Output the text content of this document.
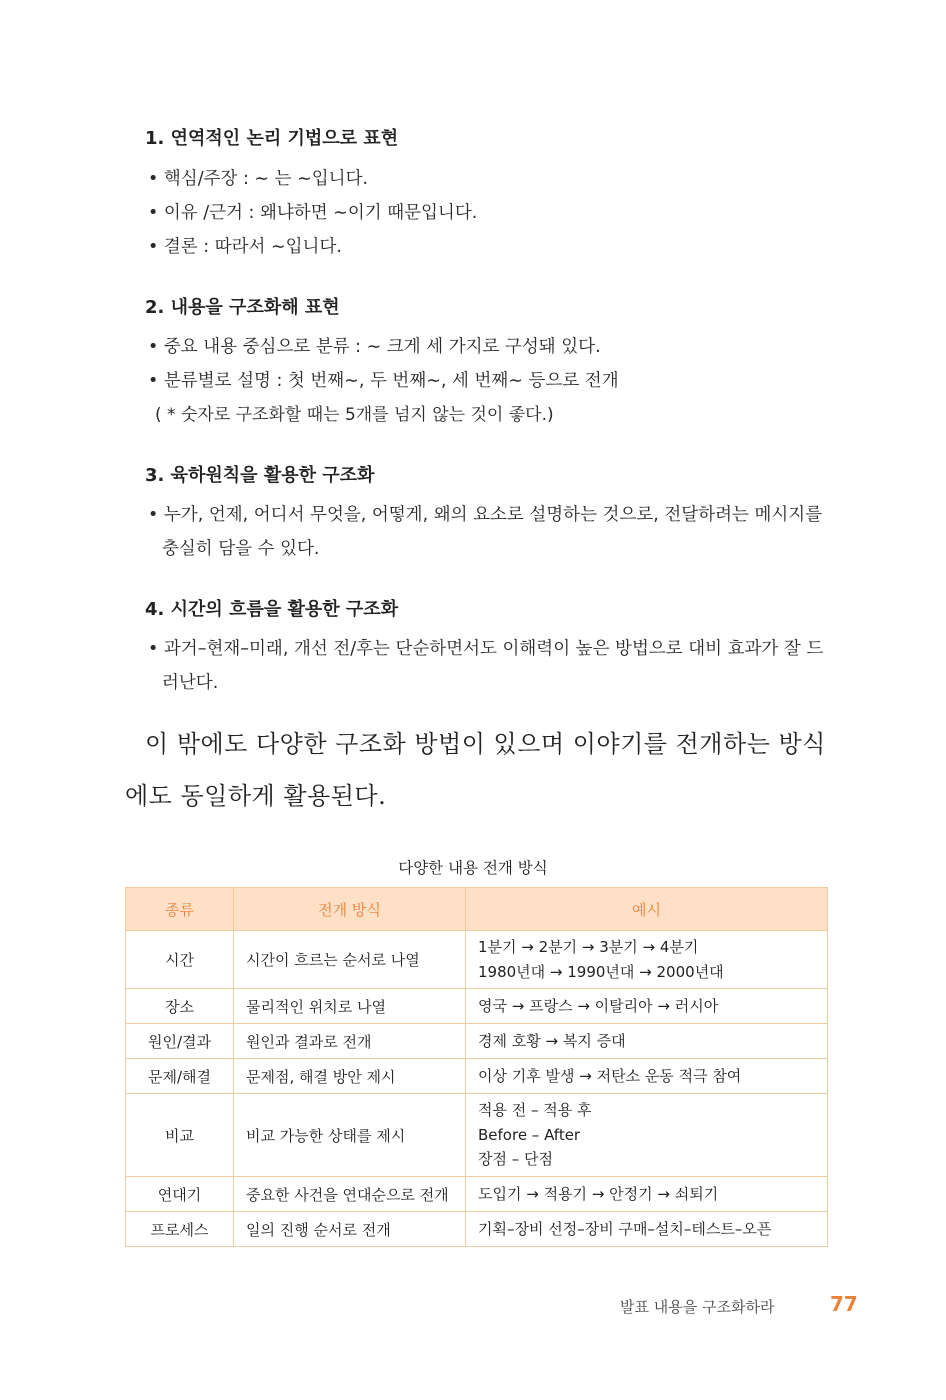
1. 연역적인 논리 기법으로 표현
• 핵심/주장 : ∼ 는 ∼입니다.
• 이유 /근거 : 왜냐하면 ∼이기 때문입니다.
• 결론 : 따라서 ∼입니다.
2. 내용을 구조화해 표현
• 중요 내용 중심으로 분류 : ∼ 크게 세 가지로 구성돼 있다.
• 분류별로 설명 : 첫 번째∼, 두 번째∼, 세 번째∼ 등으로 전개

( * 숫자로 구조화할 때는 5개를 넘지 않는 것이 좋다.)

3. 육하원칙을 활용한 구조화
• 누가, 언제, 어디서 무엇을, 어떻게, 왜의 요소로 설명하는 것으로, 전달하려는 메시지를 충실히 담을 수 있다.
4. 시간의 흐름을 활용한 구조화
• 과거–현재–미래, 개선 전/후는 단순하면서도 이해력이 높은 방법으로 대비 효과가 잘 드러난다.

이 밖에도 다양한 구조화 방법이 있으며 이야기를 전개하는 방식에도 동일하게 활용된다.

다양한 내용 전개 방식
종류	전개 방식	예시
시간	시간이 흐르는 순서로 나열	1분기 → 2분기 → 3분기 → 4분기
1980년대 → 1990년대 → 2000년대

장소	물리적인 위치로 나열	영국 → 프랑스 → 이탈리아 → 러시아

원인/결과	원인과 결과로 전개	경제 호황 → 복지 증대

문제/해결	문제점, 해결 방안 제시	이상 기후 발생 → 저탄소 운동 적극 참여

비교	비교 가능한 상태를 제시	적용 전 – 적용 후
Before – After
장점 – 단점

연대기	중요한 사건을 연대순으로 전개	도입기 → 적용기 → 안정기 → 쇠퇴기

프로세스	일의 진행 순서로 전개	기획–장비 선정–장비 구매–설치–테스트–오픈
발표 내용을 구조화하라	77
